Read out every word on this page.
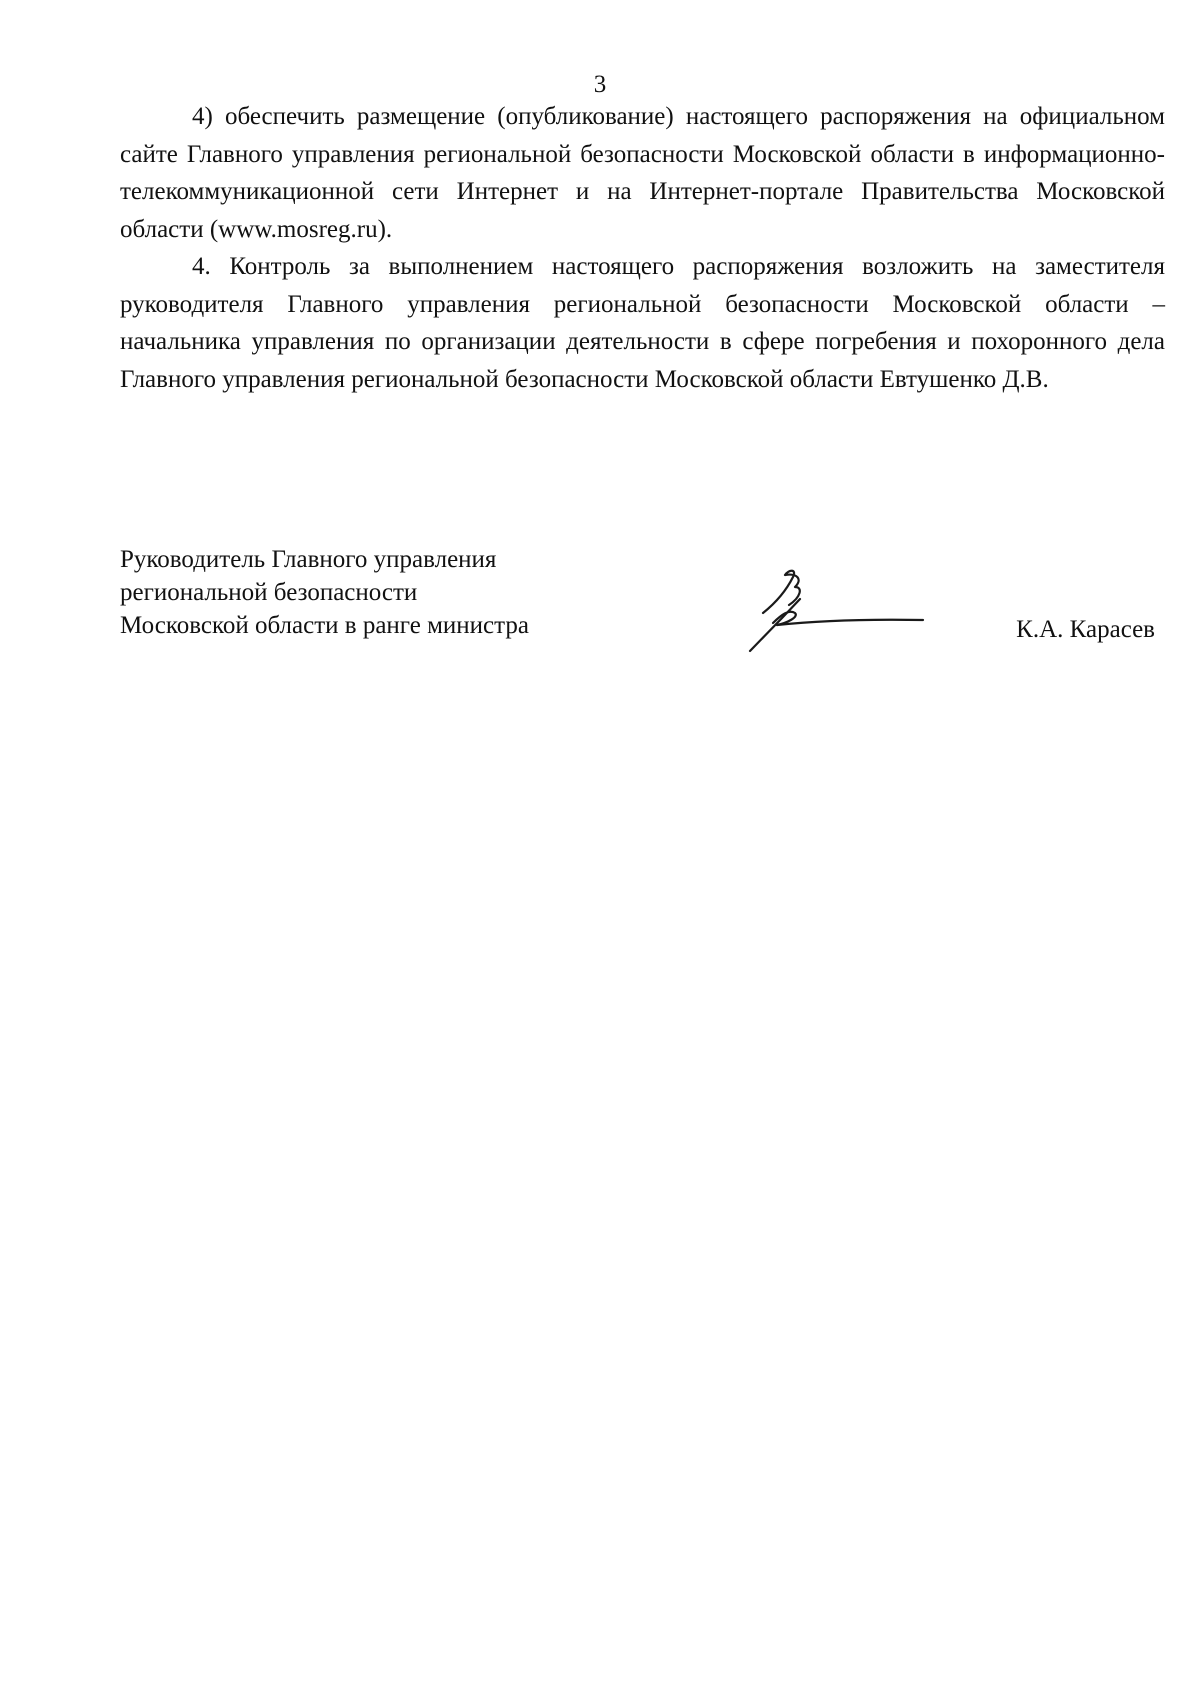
3

4) обеспечить размещение (опубликование) настоящего распоряжения на официальном сайте Главного управления региональной безопасности Московской области в информационно-телекоммуникационной сети Интернет и на Интернет-портале Правительства Московской области (www.mosreg.ru).

4. Контроль за выполнением настоящего распоряжения возложить на заместителя руководителя Главного управления региональной безопасности Московской области – начальника управления по организации деятельности в сфере погребения и похоронного дела Главного управления региональной безопасности Московской области Евтушенко Д.В.

Руководитель Главного управления
региональной безопасности
Московской области в ранге министра	К.А. Карасев
